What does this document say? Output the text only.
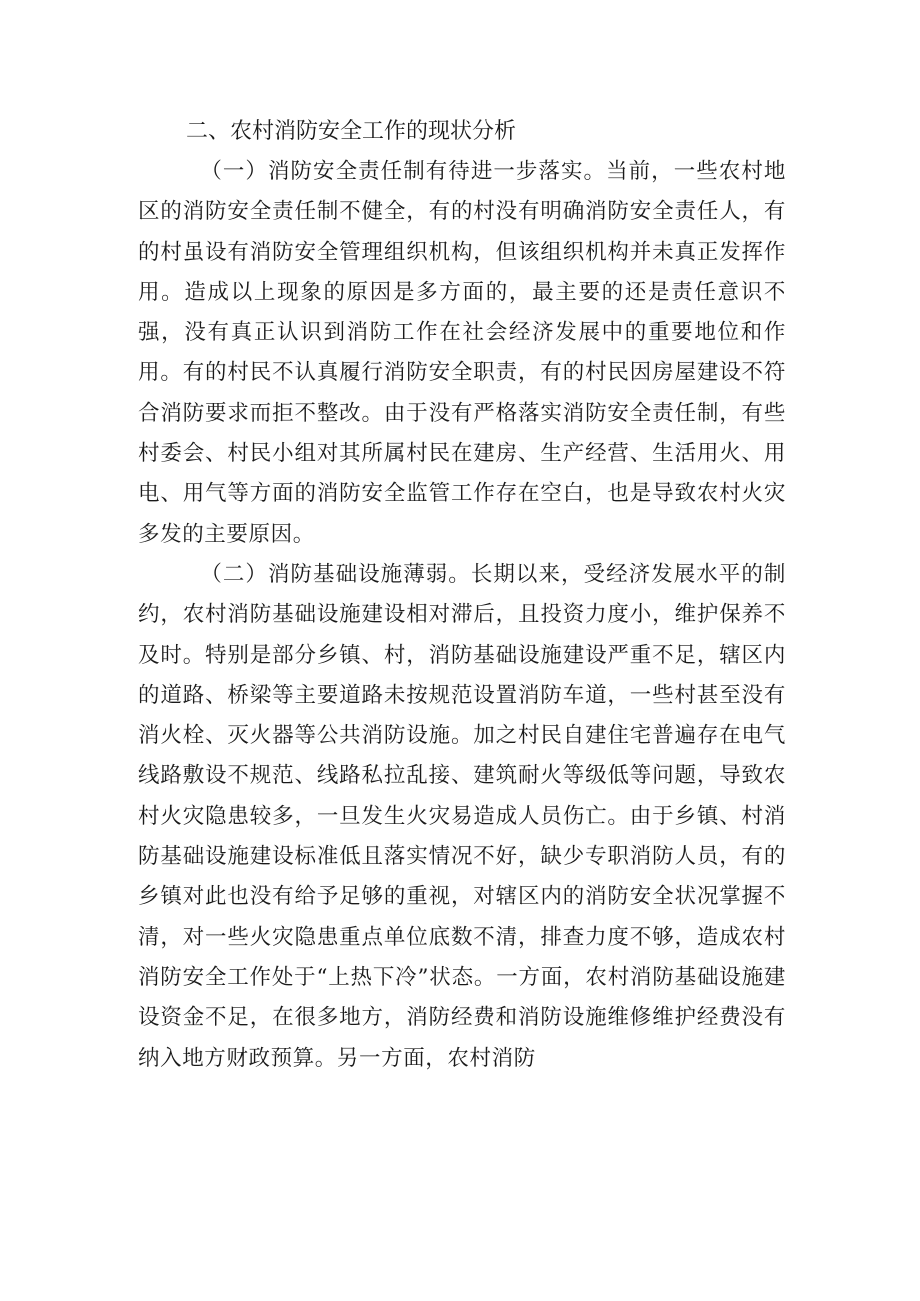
二、农村消防安全工作的现状分析

（一）消防安全责任制有待进一步落实。当前，一些农村地区的消防安全责任制不健全，有的村没有明确消防安全责任人，有的村虽设有消防安全管理组织机构，但该组织机构并未真正发挥作用。造成以上现象的原因是多方面的，最主要的还是责任意识不强，没有真正认识到消防工作在社会经济发展中的重要地位和作用。有的村民不认真履行消防安全职责，有的村民因房屋建设不符合消防要求而拒不整改。由于没有严格落实消防安全责任制，有些村委会、村民小组对其所属村民在建房、生产经营、生活用火、用电、用气等方面的消防安全监管工作存在空白，也是导致农村火灾多发的主要原因。

（二）消防基础设施薄弱。长期以来，受经济发展水平的制约，农村消防基础设施建设相对滞后，且投资力度小，维护保养不及时。特别是部分乡镇、村，消防基础设施建设严重不足，辖区内的道路、桥梁等主要道路未按规范设置消防车道，一些村甚至没有消火栓、灭火器等公共消防设施。加之村民自建住宅普遍存在电气线路敷设不规范、线路私拉乱接、建筑耐火等级低等问题，导致农村火灾隐患较多，一旦发生火灾易造成人员伤亡。由于乡镇、村消防基础设施建设标准低且落实情况不好，缺少专职消防人员，有的乡镇对此也没有给予足够的重视，对辖区内的消防安全状况掌握不清，对一些火灾隐患重点单位底数不清，排查力度不够，造成农村消防安全工作处于“上热下冷”状态。一方面，农村消防基础设施建设资金不足，在很多地方，消防经费和消防设施维修维护经费没有纳入地方财政预算。另一方面，农村消防
